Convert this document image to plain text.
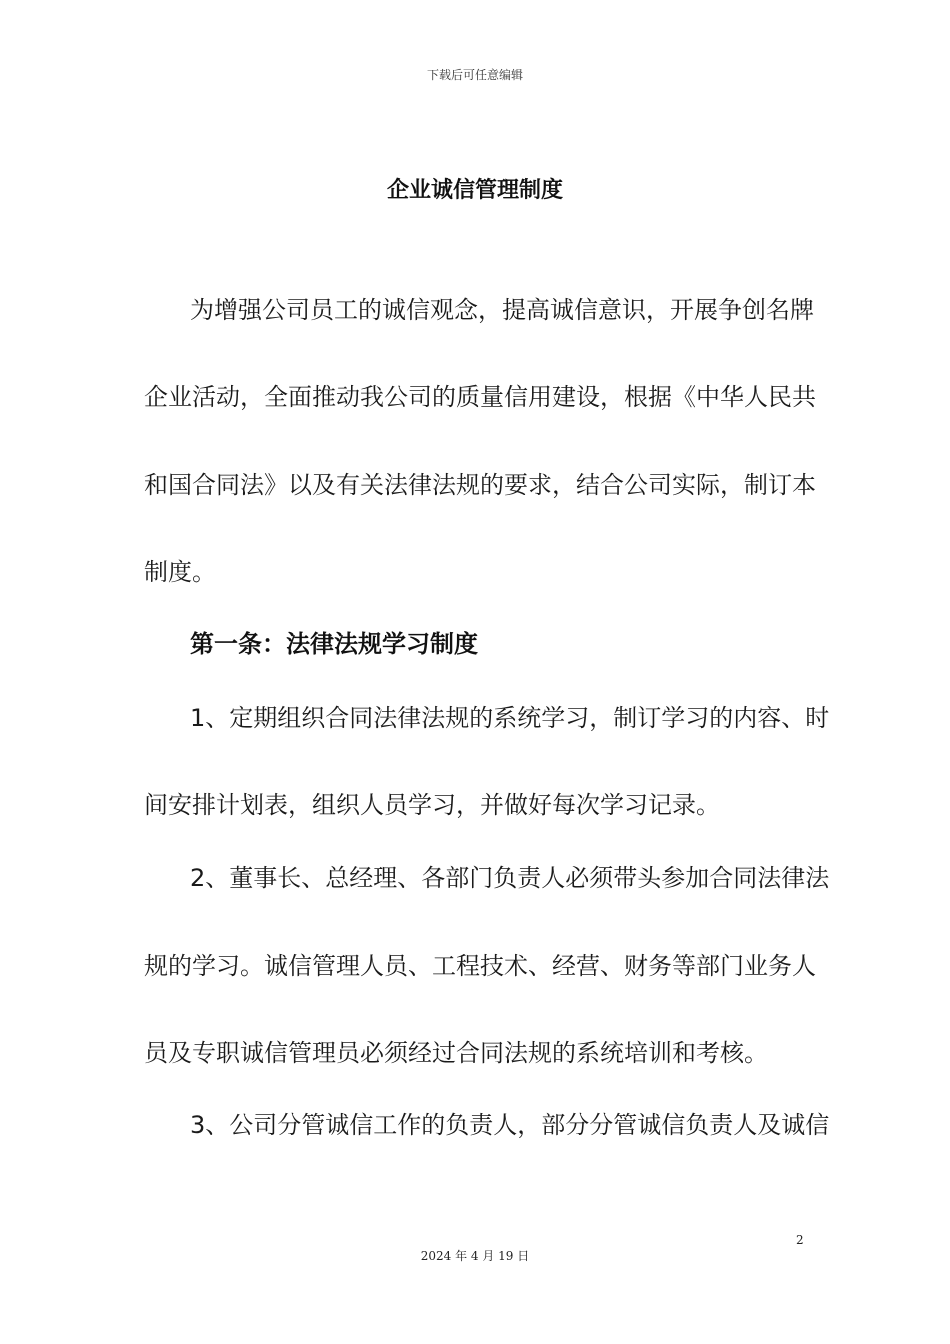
下载后可任意编辑
企业诚信管理制度
为增强公司员工的诚信观念，提高诚信意识，开展争创名牌
企业活动，全面推动我公司的质量信用建设，根据《中华人民共
和国合同法》以及有关法律法规的要求，结合公司实际，制订本
制度。
第一条：法律法规学习制度
1、定期组织合同法律法规的系统学习，制订学习的内容、时
间安排计划表，组织人员学习，并做好每次学习记录。
2、董事长、总经理、各部门负责人必须带头参加合同法律法
规的学习。诚信管理人员、工程技术、经营、财务等部门业务人
员及专职诚信管理员必须经过合同法规的系统培训和考核。
3、公司分管诚信工作的负责人，部分分管诚信负责人及诚信
2
2024 年 4 月 19 日
